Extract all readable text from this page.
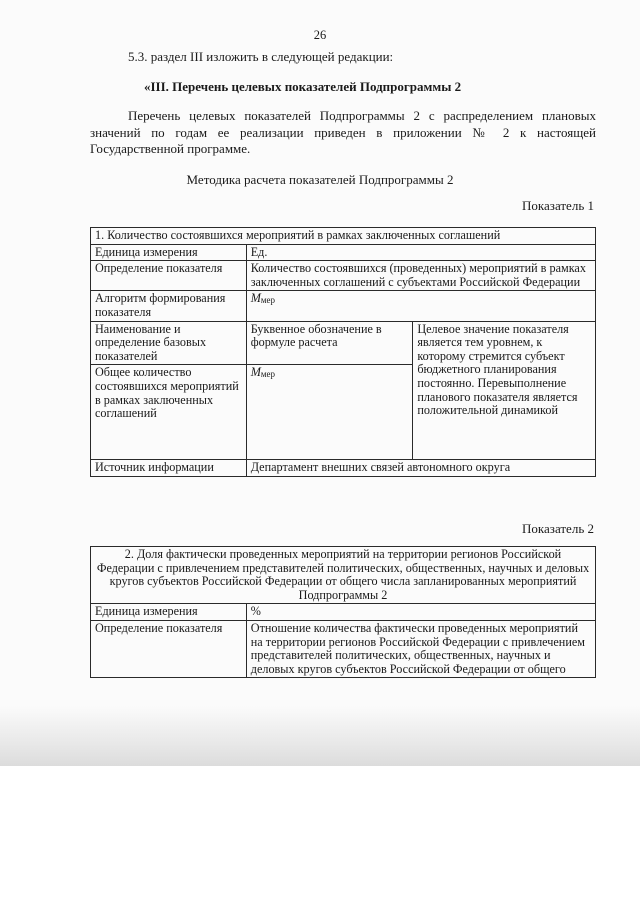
26
5.3. раздел III изложить в следующей редакции:
«III. Перечень целевых показателей Подпрограммы 2
Перечень целевых показателей Подпрограммы 2 с распределением плановых значений по годам ее реализации приведен в приложении № 2 к настоящей Государственной программе.
Методика расчета показателей Подпрограммы 2
Показатель 1
1. Количество состоявшихся мероприятий в рамках заключенных соглашений		
Единица измерения	Ед.	
Определение показателя	Количество состоявшихся (проведенных) мероприятий в рамках заключенных соглашений с субъектами Российской Федерации	
Алгоритм формирования показателя	$М_{мер}$
Наименование и определение базовых показателей	Буквенное обозначение в формуле расчета	Целевое значение показателя является тем уровнем, к которому стремится субъект бюджетного планирования постоянно. Перевыполнение планового показателя является положительной динамикой
Общее количество состоявшихся мероприятий в рамках заключенных соглашений	$М_{мер}$
Источник информации	Департамент внешних связей автономного округа	
Показатель 2
2. Доля фактически проведенных мероприятий на территории регионов Российской Федерации с привлечением представителей политических, общественных, научных и деловых кругов субъектов Российской Федерации от общего числа запланированных мероприятий Подпрограммы 2	
Единица измерения	%
Определение показателя	Отношение количества фактически проведенных мероприятий на территории регионов Российской Федерации с привлечением представителей политических, общественных, научных и деловых кругов субъектов Российской Федерации от общего
